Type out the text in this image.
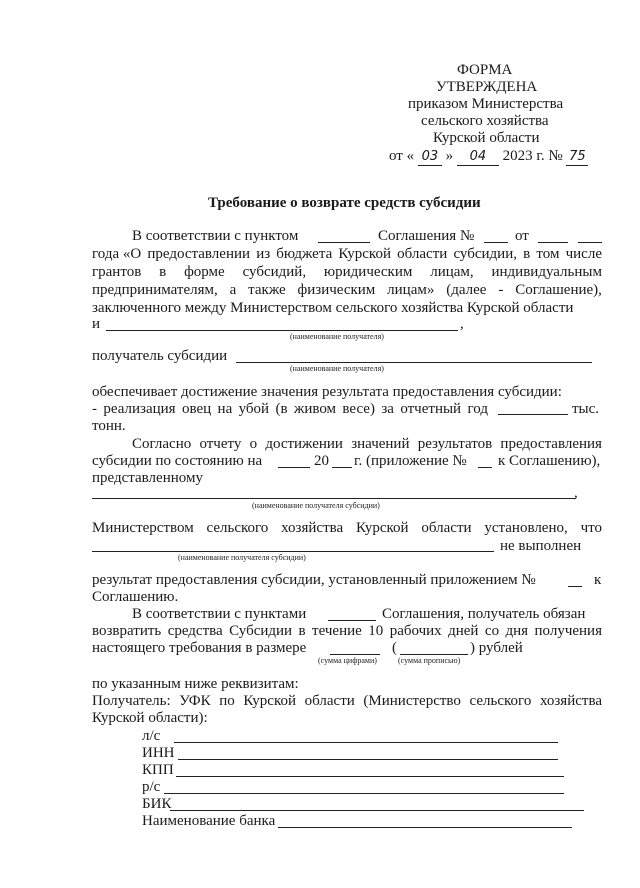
ФОРМА
УТВЕРЖДЕНА
приказом Министерства
сельского хозяйства
Курской области
от « 03 » 04 2023 г. № 75
Требование о возврате средств субсидии
В соответствии с пунктом	Соглашения №	от
года «О предоставлении из бюджета Курской области субсидии, в том числе
грантов в форме субсидий, юридическим лицам, индивидуальным
предпринимателям, а также физическим лицам» (далее - Соглашение),
заключенного между Министерством сельского хозяйства Курской области
и	,
(наименование получателя)
получатель субсидии
(наименование получателя)
обеспечивает достижение значения результата предоставления субсидии:
- реализация овец на убой (в живом весе) за отчетный год	тыс.
тонн.
Согласно отчету о достижении значений результатов предоставления
субсидии по состоянию на	20 г. (приложение № к Соглашению),
представленному
,
(наименование получателя субсидии)
Министерством сельского хозяйства Курской области установлено, что
не выполнен
(наименование получателя субсидии)
результат предоставления субсидии, установленный приложением №	к
Соглашению.
В соответствии с пунктами	Соглашения, получатель обязан
возвратить средства Субсидии в течение 10 рабочих дней со дня получения
настоящего требования в размере	(	) рублей
(сумма цифрами)	(сумма прописью)
по указанным ниже реквизитам:
Получатель: УФК по Курской области (Министерство сельского хозяйства
Курской области):
л/с
ИНН
КПП
р/с
БИК
Наименование банка
